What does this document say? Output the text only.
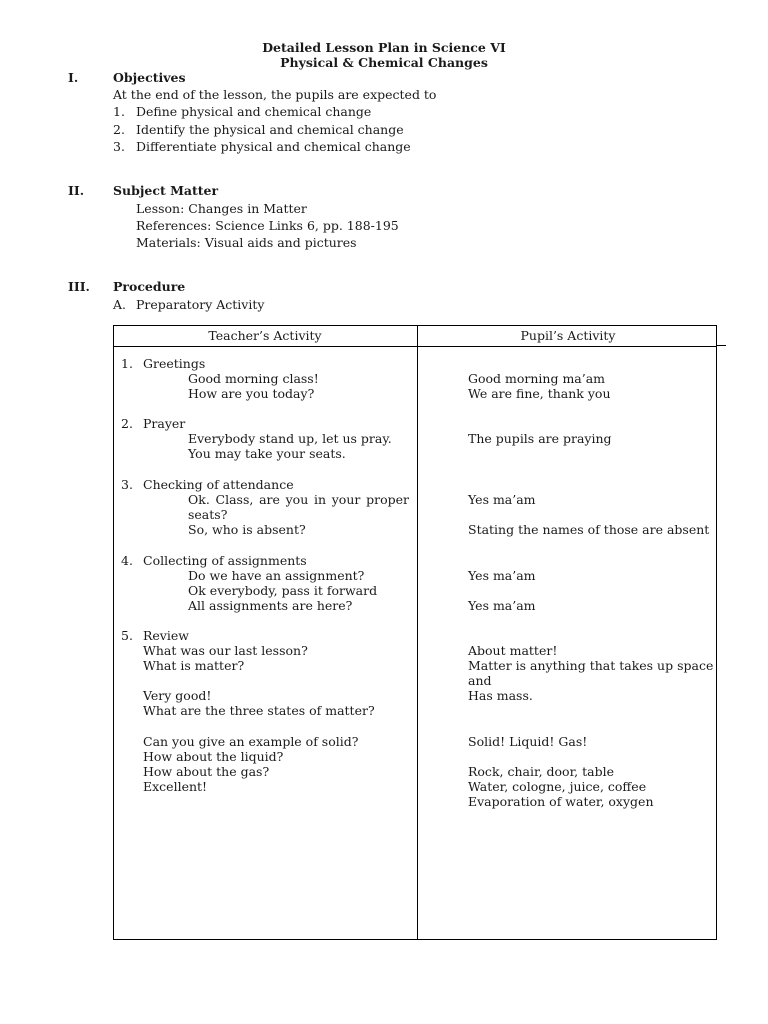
Detailed Lesson Plan in Science VI
Physical & Chemical Changes
I.	Objectives
At the end of the lesson, the pupils are expected to
1. Define physical and chemical change
2. Identify the physical and chemical change
3. Differentiate physical and chemical change
II. Subject Matter
Lesson: Changes in Matter
References: Science Links 6, pp. 188-195
Materials: Visual aids and pictures
III. Procedure
A. Preparatory Activity
Teacher’s Activity	Pupil’s Activity
1. Greetings
Good morning class!
How are you today?
Good morning ma’am
We are fine, thank you
2. Prayer
Everybody stand up, let us pray.
You may take your seats.
The pupils are praying
3. Checking of attendance
Ok. Class, are you in your proper
seats?
So, who is absent?
Yes ma’am
Stating the names of those are absent
4. Collecting of assignments
Do we have an assignment?
Ok everybody, pass it forward
All assignments are here?
Yes ma’am
Yes ma’am
5. Review
What was our last lesson?
What is matter?
Very good!
What are the three states of matter?
Can you give an example of solid?
How about the liquid?
How about the gas?
Excellent!
About matter!
Matter is anything that takes up space
and
Has mass.
Solid! Liquid! Gas!
Rock, chair, door, table
Water, cologne, juice, coffee
Evaporation of water, oxygen
